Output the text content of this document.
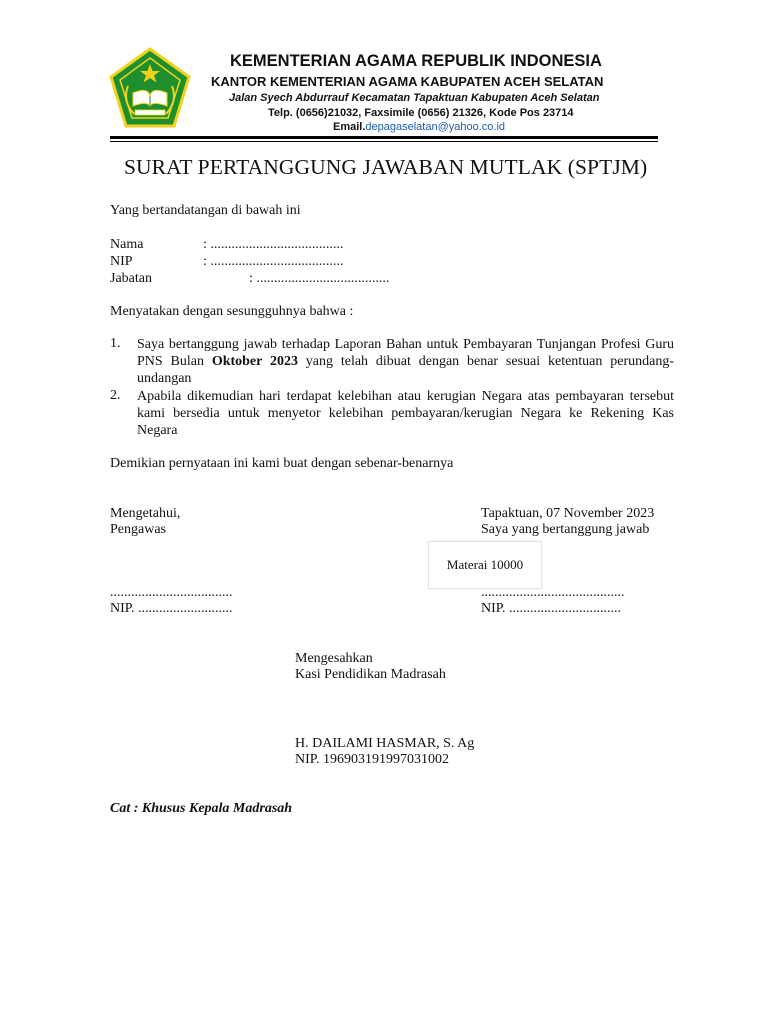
KEMENTERIAN AGAMA REPUBLIK INDONESIA
KANTOR KEMENTERIAN AGAMA KABUPATEN ACEH SELATAN
Jalan Syech Abdurrauf Kecamatan Tapaktuan Kabupaten Aceh Selatan
Telp. (0656)21032, Faxsimile (0656) 21326, Kode Pos 23714
Email.depagaselatan@yahoo.co.id
SURAT PERTANGGUNG JAWABAN MUTLAK (SPTJM)
Yang bertandatangan di bawah ini
Nama	: ......................................
NIP	: ......................................
Jabatan	: ......................................
Menyatakan dengan sesungguhnya bahwa :
1. Saya bertanggung jawab terhadap Laporan Bahan untuk Pembayaran Tunjangan Profesi Guru PNS Bulan Oktober 2023 yang telah dibuat dengan benar sesuai ketentuan perundang-undangan
2. Apabila dikemudian hari terdapat kelebihan atau kerugian Negara atas pembayaran tersebut kami bersedia untuk menyetor kelebihan pembayaran/kerugian Negara ke Rekening Kas Negara
Demikian pernyataan ini kami buat dengan sebenar-benarnya
Mengetahui,
Pengawas
Tapaktuan, 07 November 2023
Saya yang bertanggung jawab
Materai 10000
...................................
NIP. ...........................
.........................................
NIP. ................................
Mengesahkan
Kasi Pendidikan Madrasah
H. DAILAMI HASMAR, S. Ag
NIP. 196903191997031002
Cat : Khusus Kepala Madrasah
